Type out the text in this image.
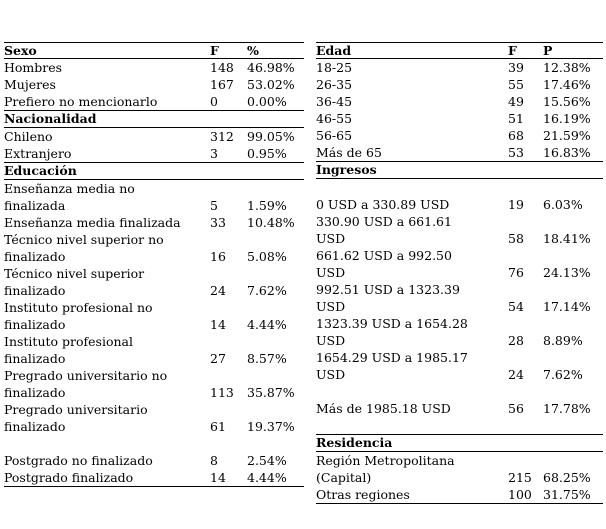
Sexo	F	%
Hombres	148	46.98%
Mujeres	167	53.02%
Prefiero no mencionarlo	0	0.00%
Nacionalidad
Chileno	312	99.05%
Extranjero	3	0.95%
Educación
Enseñanza media no
finalizada	5	1.59%
Enseñanza media finalizada	33	10.48%
Técnico nivel superior no
finalizado	16	5.08%
Técnico nivel superior
finalizado	24	7.62%
Instituto profesional no
finalizado	14	4.44%
Instituto profesional
finalizado	27	8.57%
Pregrado universitario no
finalizado	113	35.87%
Pregrado universitario
finalizado	61	19.37%
Postgrado no finalizado	8	2.54%
Postgrado finalizado	14	4.44%
Edad	F	P
18-25	39	12.38%
26-35	55	17.46%
36-45	49	15.56%
46-55	51	16.19%
56-65	68	21.59%
Más de 65	53	16.83%
Ingresos
0 USD a 330.89 USD	19	6.03%
330.90 USD a 661.61
USD	58	18.41%
661.62 USD a 992.50
USD	76	24.13%
992.51 USD a 1323.39
USD	54	17.14%
1323.39 USD a 1654.28
USD	28	8.89%
1654.29 USD a 1985.17
USD	24	7.62%
Más de 1985.18 USD	56	17.78%
Residencia
Región Metropolitana
(Capital)	215 68.25%
Otras regiones	100 31.75%
